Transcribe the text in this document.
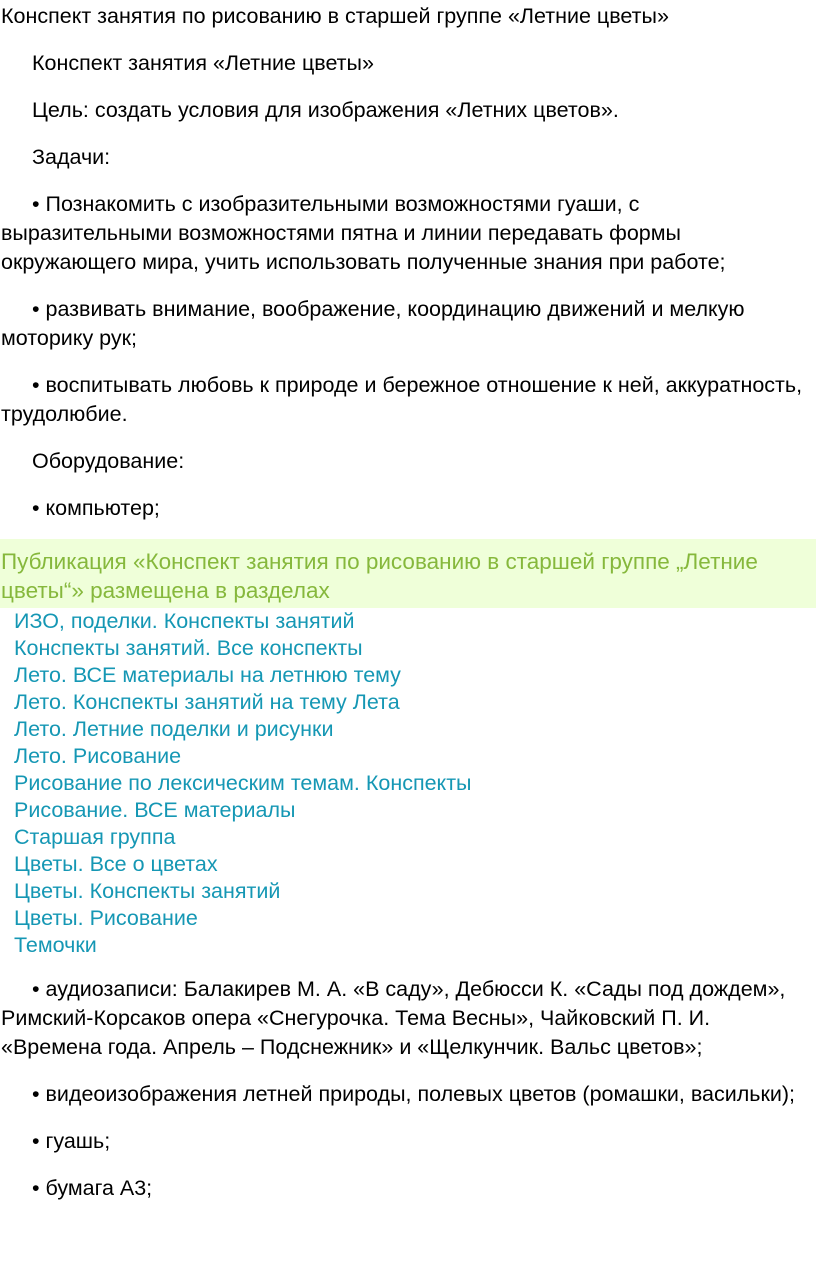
Конспект занятия по рисованию в старшей группе «Летние цветы»

Конспект занятия «Летние цветы»

Цель: создать условия для изображения «Летних цветов».

Задачи:

• Познакомить с изобразительными возможностями гуаши, с выразительными возможностями пятна и линии передавать формы окружающего мира, учить использовать полученные знания при работе;

• развивать внимание, воображение, координацию движений и мелкую моторику рук;

• воспитывать любовь к природе и бережное отношение к ней, аккуратность, трудолюбие.

Оборудование:

• компьютер;

Публикация «Конспект занятия по рисованию в старшей группе „Летние цветы“» размещена в разделах
ИЗО, поделки. Конспекты занятий
Конспекты занятий. Все конспекты
Лето. ВСЕ материалы на летнюю тему
Лето. Конспекты занятий на тему Лета
Лето. Летние поделки и рисунки
Лето. Рисование
Рисование по лексическим темам. Конспекты
Рисование. ВСЕ материалы
Старшая группа
Цветы. Все о цветах
Цветы. Конспекты занятий
Цветы. Рисование
Темочки

• аудиозаписи: Балакирев М. А. «В саду», Дебюсси К. «Сады под дождем», Римский-Корсаков опера «Снегурочка. Тема Весны», Чайковский П. И. «Времена года. Апрель – Подснежник» и «Щелкунчик. Вальс цветов»;

• видеоизображения летней природы, полевых цветов (ромашки, васильки);

• гуашь;

• бумага А3;
